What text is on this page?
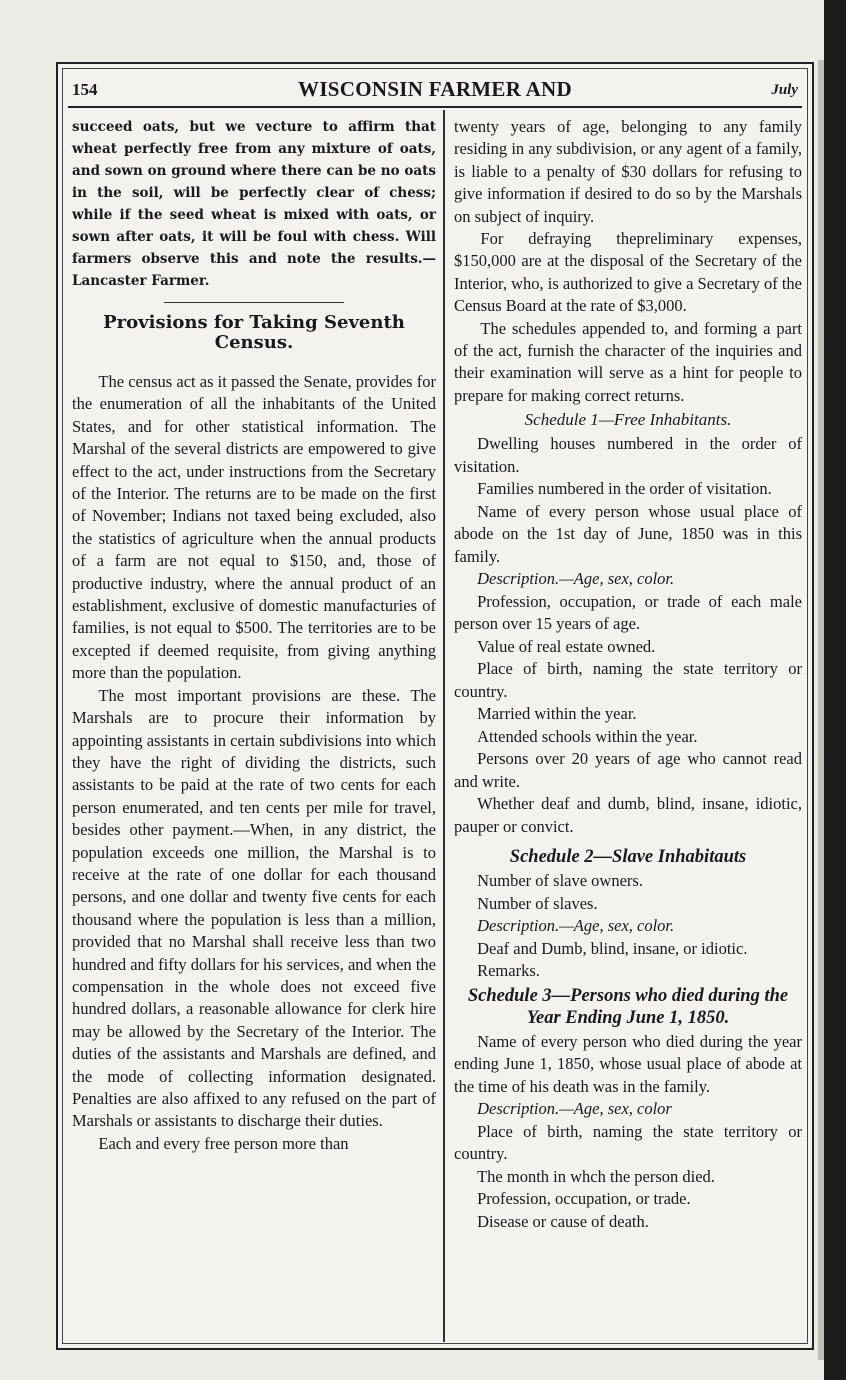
154	WISCONSIN FARMER AND	July

succeed oats, but we vecture to affirm that wheat perfectly free from any mixture of oats, and sown on ground where there can be no oats in the soil, will be perfectly clear of chess; while if the seed wheat is mixed with oats, or sown after oats, it will be foul with chess. Will farmers observe this and note the results.—Lancaster Farmer.

Provisions for Taking Seventh Census.

The census act as it passed the Senate, provides for the enumeration of all the inhabitants of the United States, and for other statistical information. The Marshal of the several districts are empowered to give effect to the act, under instructions from the Secretary of the Interior. The returns are to be made on the first of November; Indians not taxed being excluded, also the statistics of agriculture when the annual products of a farm are not equal to $150, and, those of productive industry, where the annual product of an establishment, exclusive of domestic manufacturies of families, is not equal to $500. The territories are to be excepted if deemed requisite, from giving anything more than the population.

The most important provisions are these. The Marshals are to procure their information by appointing assistants in certain subdivisions into which they have the right of dividing the districts, such assistants to be paid at the rate of two cents for each person enumerated, and ten cents per mile for travel, besides other payment.—When, in any district, the population exceeds one million, the Marshal is to receive at the rate of one dollar for each thousand persons, and one dollar and twenty five cents for each thousand where the population is less than a million, provided that no Marshal shall receive less than two hundred and fifty dollars for his services, and when the compensation in the whole does not exceed five hundred dollars, a reasonable allowance for clerk hire may be allowed by the Secretary of the Interior. The duties of the assistants and Marshals are defined, and the mode of collecting information designated. Penalties are also affixed to any refused on the part of Marshals or assistants to discharge their duties.

Each and every free person more than

twenty years of age, belonging to any family residing in any subdivision, or any agent of a family, is liable to a penalty of $30 dollars for refusing to give information if desired to do so by the Marshals on subject of inquiry.

For defraying thepreliminary expenses, $150,000 are at the disposal of the Secretary of the Interior, who, is authorized to give a Secretary of the Census Board at the rate of $3,000.

The schedules appended to, and forming a part of the act, furnish the character of the inquiries and their examination will serve as a hint for people to prepare for making correct returns.

Schedule 1—Free Inhabitants.

Dwelling houses numbered in the order of visitation.

Families numbered in the order of visitation.

Name of every person whose usual place of abode on the 1st day of June, 1850 was in this family.

Description.—Age, sex, color.

Profession, occupation, or trade of each male person over 15 years of age.

Value of real estate owned.

Place of birth, naming the state territory or country.

Married within the year.

Attended schools within the year.

Persons over 20 years of age who cannot read and write.

Whether deaf and dumb, blind, insane, idiotic, pauper or convict.

Schedule 2—Slave Inhabitauts

Number of slave owners.

Number of slaves.

Description.—Age, sex, color.

Deaf and Dumb, blind, insane, or idiotic.

Remarks.

Schedule 3—Persons who died during the Year Ending June 1, 1850.

Name of every person who died during the year ending June 1, 1850, whose usual place of abode at the time of his death was in the family.

Description.—Age, sex, color

Place of birth, naming the state territory or country.

The month in whch the person died.

Profession, occupation, or trade.

Disease or cause of death.
